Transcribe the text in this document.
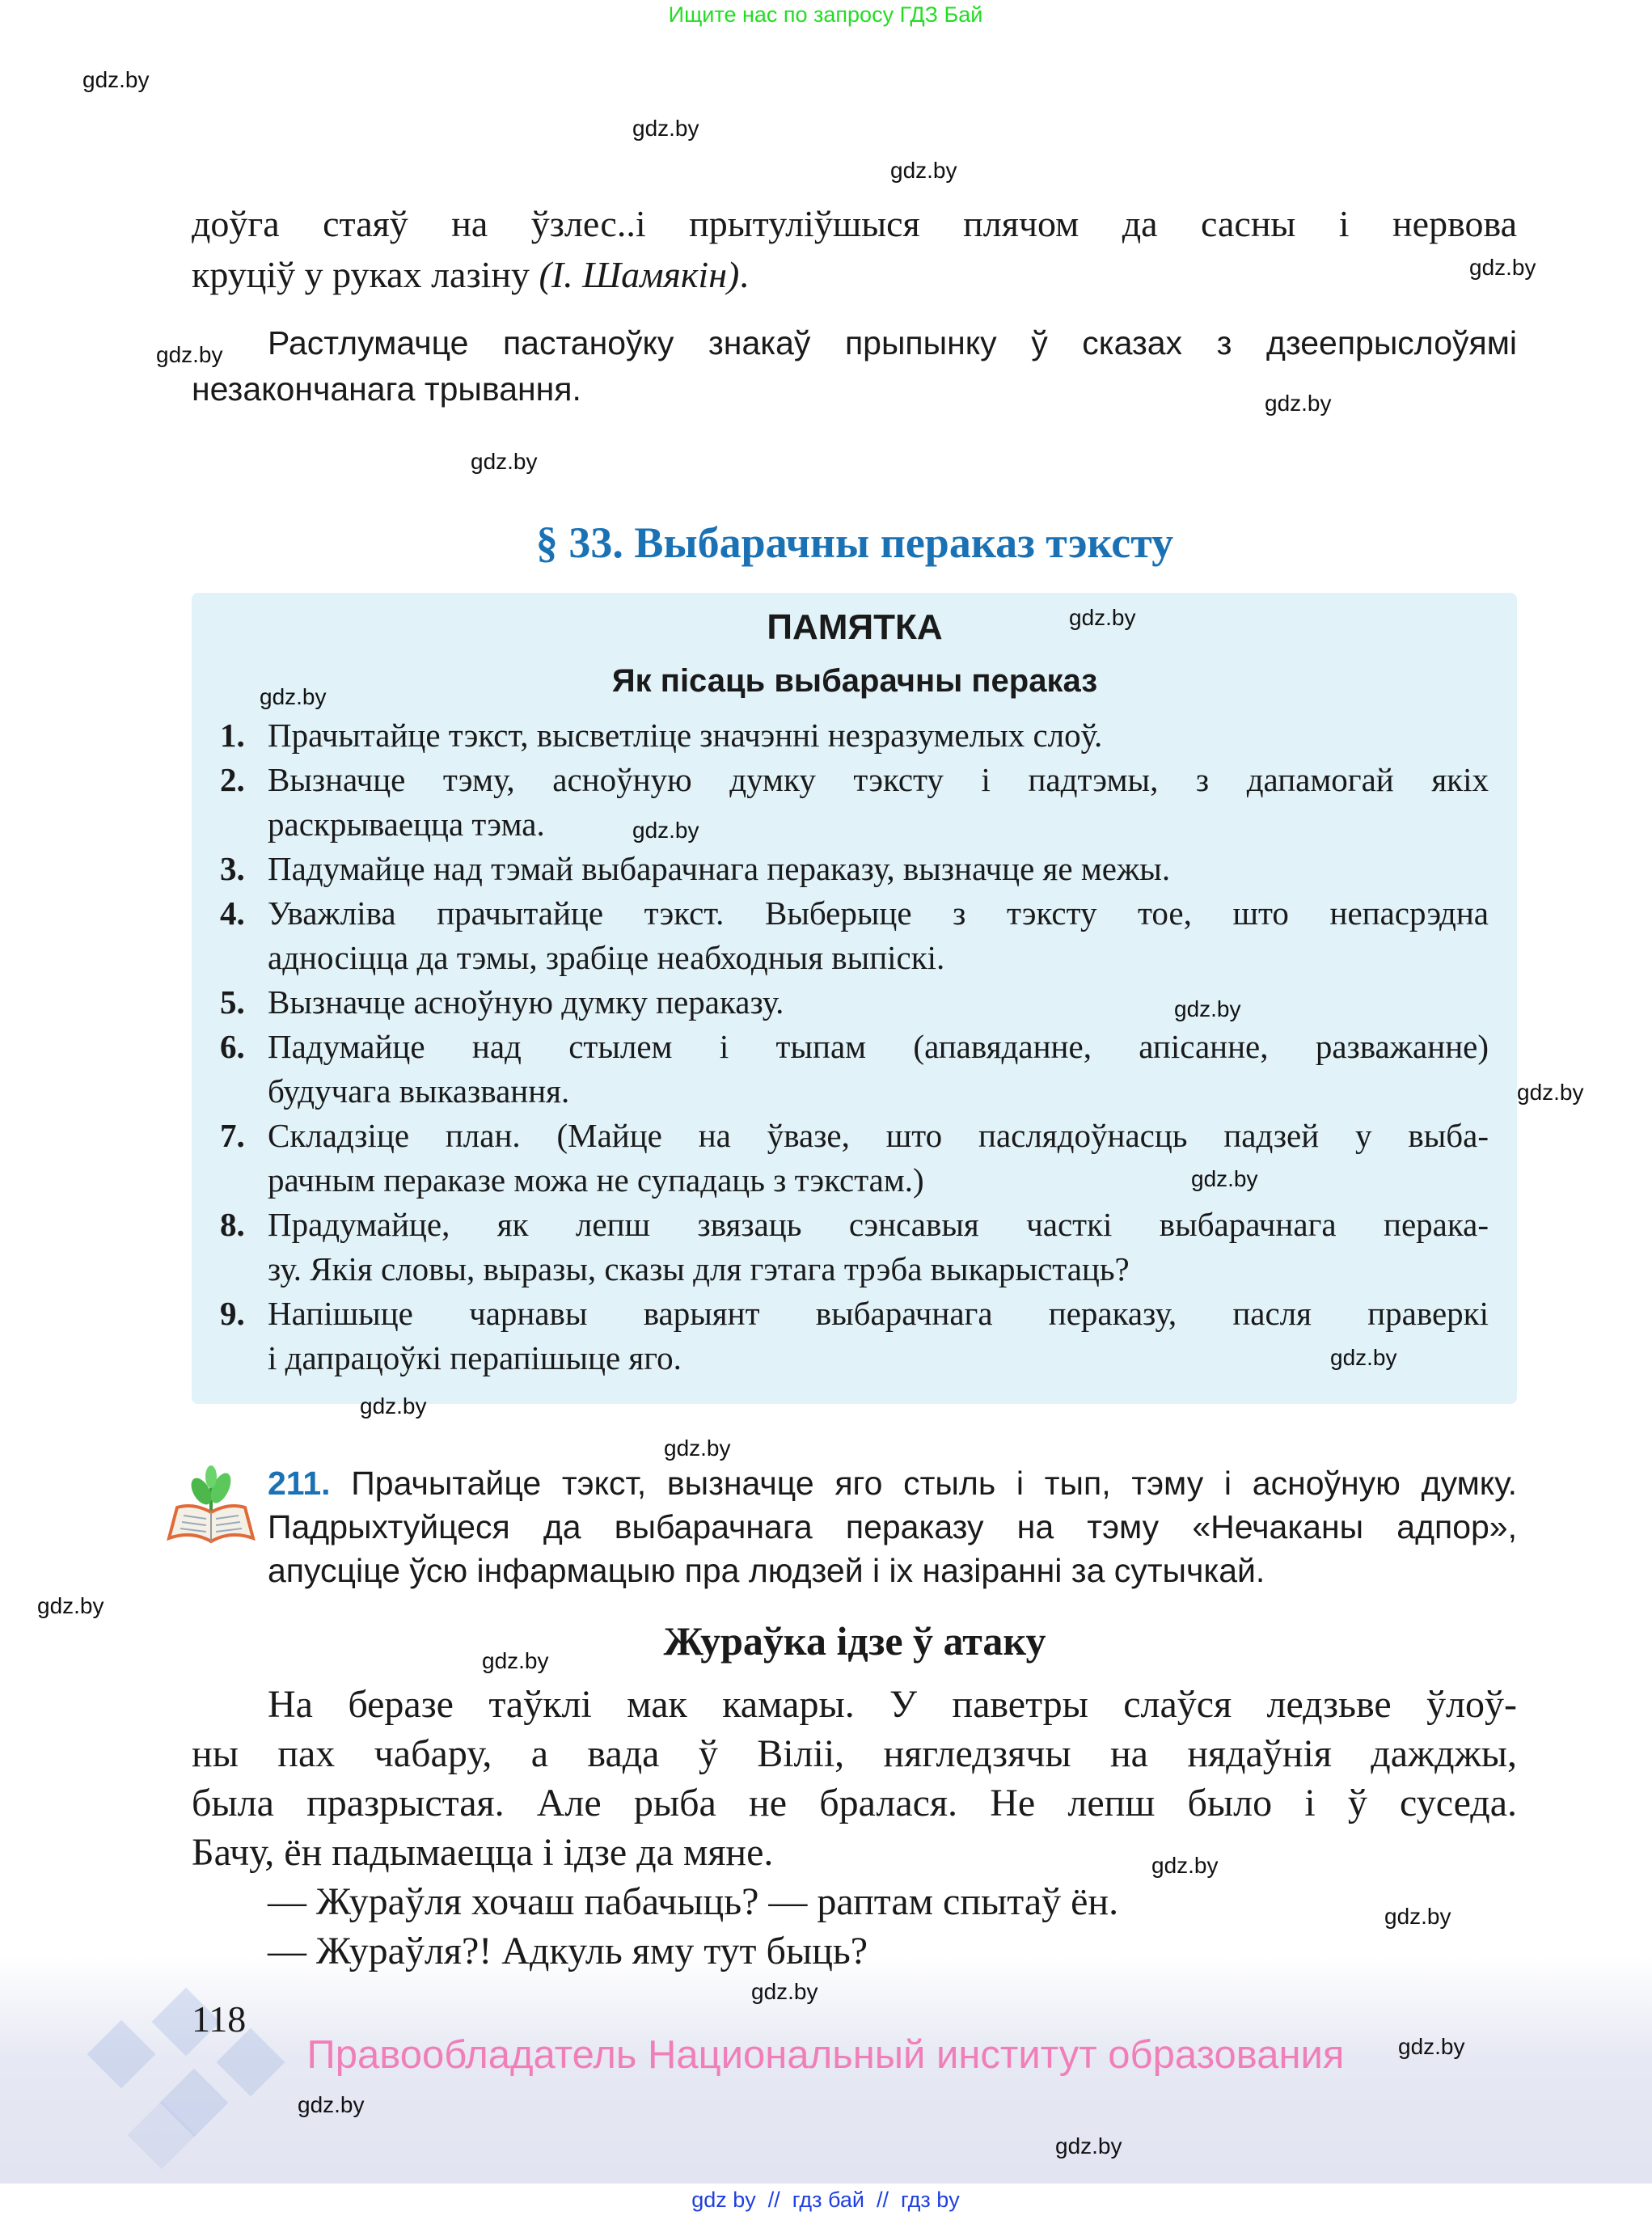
Ищите нас по запросу ГДЗ Бай
доўга стаяў на ўзлес..і прытуліўшыся плячом да сасны і нервова
круціў у руках лазіну (І. Шамякін).
Растлумачце пастаноўку знакаў прыпынку ў сказах з дзеепрыслоўямі
незакончанага трывання.
§ 33. Выбарачны пераказ тэксту
ПАМЯТКА
Як пісаць выбарачны пераказ
1. Прачытайце тэкст, высветліце значэнні незразумелых слоў.
2. Вызначце тэму, асноўную думку тэксту і падтэмы, з дапамогай якіх
раскрываецца тэма.
3. Падумайце над тэмай выбарачнага пераказу, вызначце яе межы.
4. Уважліва прачытайце тэкст. Выберыце з тэксту тое, што непасрэдна
адносіцца да тэмы, зрабіце неабходныя выпіскі.
5. Вызначце асноўную думку пераказу.
6. Падумайце над стылем і тыпам (апавяданне, апісанне, разважанне)
будучага выказвання.
7. Складзіце план. (Майце на ўвазе, што паслядоўнасць падзей у выба-
рачным пераказе можа не супадаць з тэкстам.)
8. Прадумайце, як лепш звязаць сэнсавыя часткі выбарачнага перака-
зу. Якія словы, выразы, сказы для гэтага трэба выкарыстаць?
9. Напішыце чарнавы варыянт выбарачнага пераказу, пасля праверкі
і дапрацоўкі перапішыце яго.
211. Прачытайце тэкст, вызначце яго стыль і тып, тэму і асноўную думку.
Падрыхтуйцеся да выбарачнага пераказу на тэму «Нечаканы адпор»,
апусціце ўсю інфармацыю пра людзей і іх назіранні за сутычкай.
Жураўка ідзе ў атаку
На беразе таўклі мак камары. У паветры слаўся ледзьве ўлоў-
ны пах чабару, а вада ў Віліі, нягледзячы на нядаўнія дажджы,
была празрыстая. Але рыба не бралася. Не лепш было і ў суседа.
Бачу, ён падымаецца і ідзе да мяне.
— Жураўля хочаш пабачыць? — раптам спытаў ён.
— Жураўля?! Адкуль яму тут быць?
118
Правообладатель Национальный институт образования
gdz by  //  гдз бай  //  гдз by
gdz.by
gdz.by
gdz.by
gdz.by
gdz.by
gdz.by
gdz.by
gdz.by
gdz.by
gdz.by
gdz.by
gdz.by
gdz.by
gdz.by
gdz.by
gdz.by
gdz.by
gdz.by
gdz.by
gdz.by
gdz.by
gdz.by
gdz.by
gdz.by
